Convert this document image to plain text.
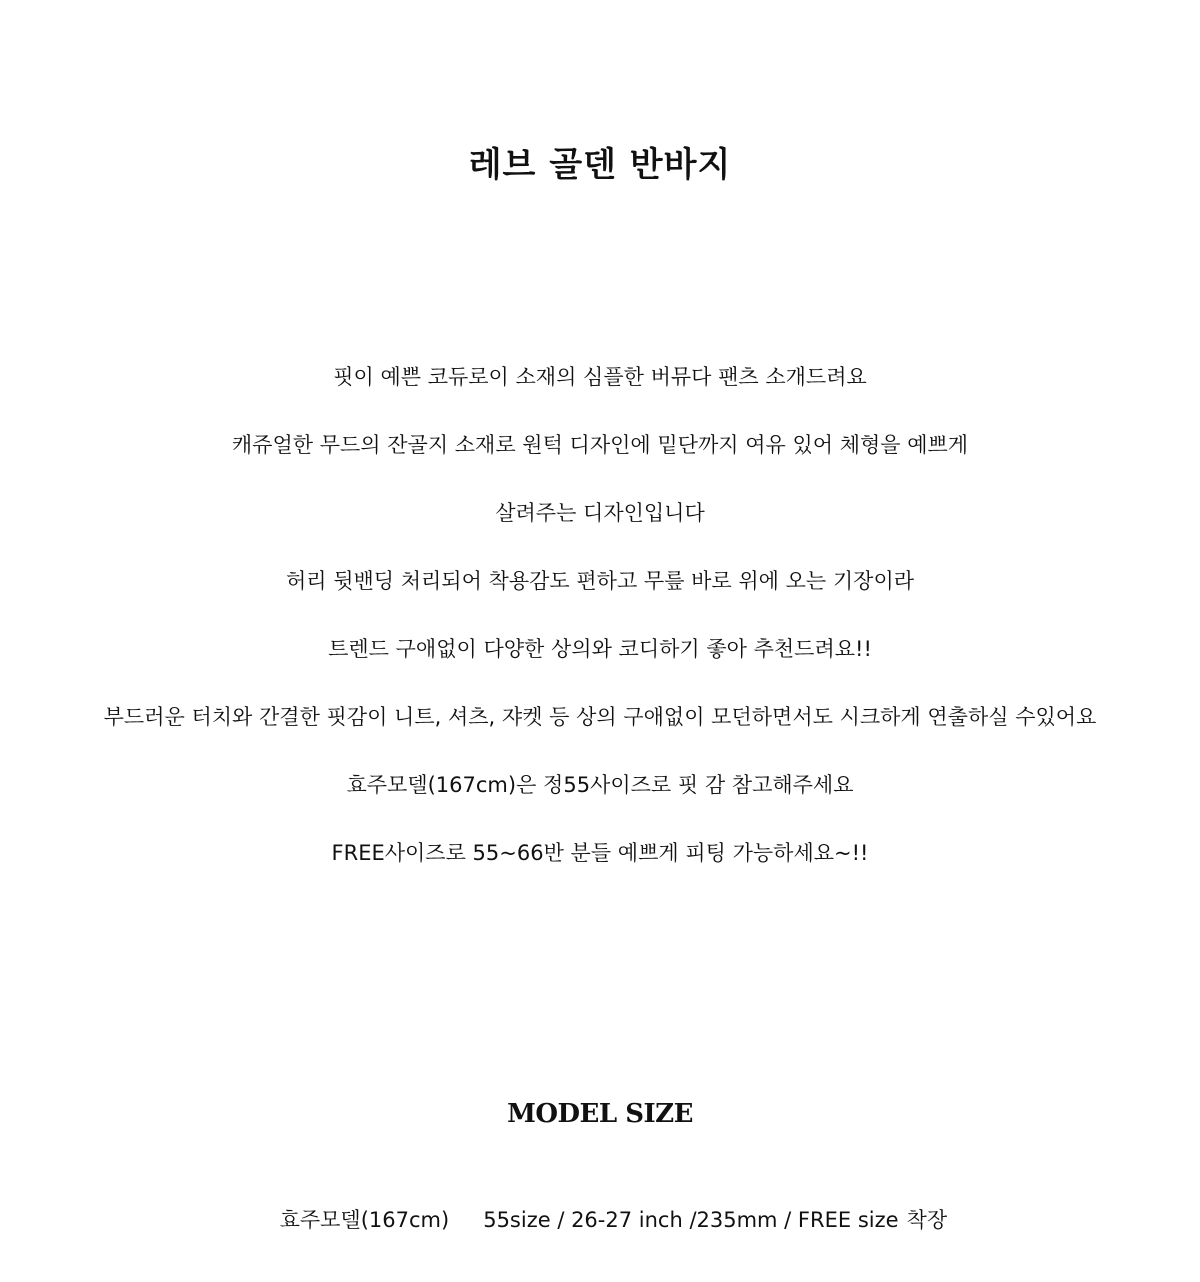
레브 골덴 반바지
핏이 예쁜 코듀로이 소재의 심플한 버뮤다 팬츠 소개드려요
캐쥬얼한 무드의 잔골지 소재로 원턱 디자인에 밑단까지 여유 있어 체형을 예쁘게
살려주는 디자인입니다
허리 뒷밴딩 처리되어 착용감도 편하고 무릎 바로 위에 오는 기장이라
트렌드 구애없이 다양한 상의와 코디하기 좋아 추천드려요!!
부드러운 터치와 간결한 핏감이 니트, 셔츠, 쟈켓 등 상의 구애없이 모던하면서도 시크하게 연출하실 수있어요
효주모델(167cm)은 정55사이즈로 핏 감 참고해주세요
FREE사이즈로 55~66반 분들 예쁘게 피팅 가능하세요~!!
MODEL SIZE

효주모델(167cm) 55size / 26-27 inch /235mm / FREE size 착장
